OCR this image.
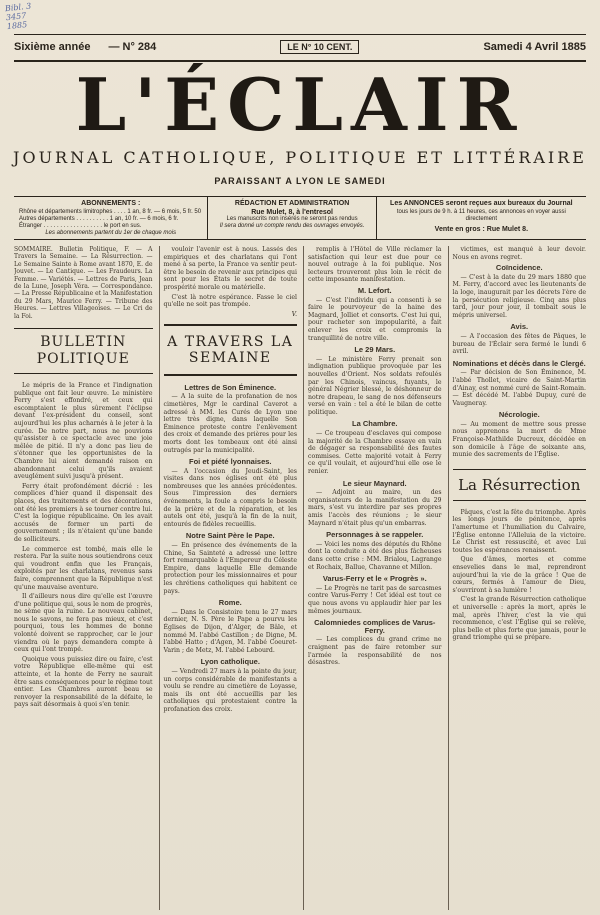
Bibl. 3
3457
1885
Sixième année — N° 284	LE N° 10 CENT.	Samedi 4 Avril 1885
L'ÉCLAIR
JOURNAL CATHOLIQUE, POLITIQUE ET LITTÉRAIRE
PARAISSANT A LYON LE SAMEDI
ABONNEMENTS :
Rhône et départements limitrophes . . . . 1 an, 8 fr. — 6 mois, 5 fr. 50
Autres départements . . . . . . . . . . 1 an, 10 fr. — 6 mois, 6 fr.
Étranger . . . . . . . . . . . . . . . . . . le port en sus.
Les abonnements partent du 1er de chaque mois
RÉDACTION ET ADMINISTRATION
Rue Mulet, 8, à l'entresol
Les manuscrits non insérés ne seront pas rendus
Il sera donné un compte rendu des ouvrages envoyés.
Les ANNONCES seront reçues aux bureaux du Journal
tous les jours de 9 h. à 11 heures, ces annonces en voyer aussi directement
Vente en gros : Rue Mulet 8.
SOMMAIRE. Bulletin Politique, F. — A Travers la Semaine. — La Résurrection. — Le Semaine Sainte à Rome avant 1870, E. de Jouvet. — Le Cantique. — Les Fraudeurs. La Femme. — Variétés. — Lettres de Paris, Jean de la Lune, Joseph Véra. — Correspondance. — La Presse Républicaine et la Manifestation du 29 Mars, Maurice Ferry. — Tribune des Heures. — Lettres Villageoises. — Le Cri de la Foi.
BULLETIN POLITIQUE

Le mépris de la France et l'indignation publique ont fait leur œuvre. Le ministère Ferry s'est effondré, et ceux qui escomptaient le plus sûrement l'éclipse devant l'ex-président du conseil, sont aujourd'hui les plus acharnés à le jeter à la curée. De notre part, nous ne pouvions qu'assister à ce spectacle avec une joie mêlée de pitié. Il n'y a donc pas lieu de s'étonner que les opportunistes de la Chambre lui aient demandé raison en abandonnant celui qu'ils avaient aveuglément suivi jusqu'à présent.

Ferry était profondément décrié : les complices d'hier quand il dispensait des places, des traitements et des décorations, ont été les premiers à se tourner contre lui. C'est la logique républicaine. On les avait accusés de former un parti de gouvernement ; ils n'étaient qu'une bande de solliciteurs.

Le commerce est tombé, mais elle le restera. Par la suite nous soutiendrons ceux qui voudront enfin que les Français, exploités par les charlatans, revenus sans faire, comprennent que la République n'est qu'une mauvaise aventure.

Il d'ailleurs nous dire qu'elle est l'œuvre d'une politique qui, sous le nom de progrès, ne sème que la ruine. Le nouveau cabinet, nous le savons, ne fera pas mieux, et c'est pourquoi, tous les hommes de bonne volonté doivent se rapprocher, car le jour viendra où le pays demandera compte à ceux qui l'ont trompé.

Quoique vous puissiez dire ou faire, c'est votre République elle-même qui est atteinte, et la honte de Ferry ne saurait être sans conséquences pour le régime tout entier. Les Chambres auront beau se renvoyer la responsabilité de la défaite, le pays sait désormais à quoi s'en tenir.

vouloir l'avenir est à nous. Lassés des empiriques et des charlatans qui l'ont mené à sa perte, la France va sentir peut-être le besoin de revenir aux principes qui sont pour les États le secret de toute prospérité morale ou matérielle.

C'est là notre espérance. Fasse le ciel qu'elle ne soit pas trompée.

V.
A TRAVERS LA SEMAINE
Lettres de Son Éminence.

— A la suite de la profanation de nos cimetières, Mgr le cardinal Caverot a adressé à MM. les Curés de Lyon une lettre très digne, dans laquelle Son Éminence proteste contre l'enlèvement des croix et demande des prières pour les morts dont les tombeaux ont été ainsi outragés par la municipalité.

Foi et piété lyonnaises.

— A l'occasion du Jeudi-Saint, les visites dans nos églises ont été plus nombreuses que les années précédentes. Sous l'impression des derniers événements, la foule a compris le besoin de la prière et de la réparation, et les autels ont été, jusqu'à la fin de la nuit, entourés de fidèles recueillis.

Notre Saint Père le Pape.

— En présence des événements de la Chine, Sa Sainteté a adressé une lettre fort remarquable à l'Empereur du Céleste Empire, dans laquelle Elle demande protection pour les missionnaires et pour les chrétiens catholiques qui habitent ce pays.

Rome.

— Dans le Consistoire tenu le 27 mars dernier, N. S. Père le Pape a pourvu les Églises de Dijon, d'Alger, de Bâle, et nommé M. l'abbé Castillon ; de Digne, M. l'abbé Hatto ; d'Agen, M. l'abbé Coeuret-Varin ; de Metz, M. l'abbé Lebourd.

Lyon catholique.

— Vendredi 27 mars à la pointe du jour, un corps considérable de manifestants a voulu se rendre au cimetière de Loyasse, mais ils ont été accueillis par les catholiques qui protestaient contre la profanation des croix.

remplis à l'Hôtel de Ville réclamer la satisfaction qui leur est due pour ce nouvel outrage à la foi publique. Nos lecteurs trouveront plus loin le récit de cette imposante manifestation.

M. Lefort.

— C'est l'individu qui a consenti à se faire le pourvoyeur de la haine des Magnard, Jolliet et consorts. C'est lui qui, pour racheter son impopularité, a fait enlever les croix et compromis la tranquillité de notre ville.

Le 29 Mars.

— Le ministère Ferry prenait son indignation publique provoquée par les nouvelles d'Orient. Nos soldats refoulés par les Chinois, vaincus, fuyants, le général Négrier blessé, le déshonneur de notre drapeau, le sang de nos défenseurs versé en vain : tel a été le bilan de cette politique.

La Chambre.

— Ce troupeau d'esclaves qui compose la majorité de la Chambre essaye en vain de dégager sa responsabilité des fautes commises. Cette majorité votait à Ferry ce qu'il voulait, et aujourd'hui elle ose le renier.

Le sieur Maynard.

— Adjoint au maire, un des organisateurs de la manifestation du 29 mars, s'est vu interdire par ses propres amis l'accès des réunions ; le sieur Maynard n'était plus qu'un embarras.

Personnages à se rappeler.

— Voici les noms des députés du Rhône dont la conduite a été des plus fâcheuses dans cette crise : MM. Brialou, Lagrange et Rochaix, Ballue, Chavanne et Millon.

Varus-Ferry et le « Progrès ».

— Le Progrès ne tarit pas de sarcasmes contre Varus-Ferry ! Cet idéal est tout ce que nous avons vu applaudir hier par les mêmes journaux.

Calomniedes complices de Varus-Ferry.

— Les complices du grand crime ne craignent pas de faire retomber sur l'armée la responsabilité de nos désastres.

victimes, est manqué à leur devoir. Nous en avons regret.

Coïncidence.

— C'est à la date du 29 mars 1880 que M. Ferry, d'accord avec les lieutenants de la loge, inaugurait par les décrets l'ère de la persécution religieuse. Cinq ans plus tard, jour pour jour, il tombait sous le mépris universel.

Avis.

— A l'occasion des fêtes de Pâques, le bureau de l'Éclair sera fermé le lundi 6 avril.

Nominations et décès dans le Clergé.

— Par décision de Son Éminence, M. l'abbé Thollet, vicaire de Saint-Martin d'Ainay, est nommé curé de Saint-Romain. — Est décédé M. l'abbé Dupuy, curé de Vaugneray.

Nécrologie.

— Au moment de mettre sous presse nous apprenons la mort de Mme Françoise-Mathilde Ducreux, décédée en son domicile à l'âge de soixante ans, munie des sacrements de l'Église.

La Résurrection

Pâques, c'est la fête du triomphe. Après les longs jours de pénitence, après l'amertume et l'humiliation du Calvaire, l'Église entonne l'Alleluia de la victoire. Le Christ est ressuscité, et avec Lui toutes les espérances renaissent.

Que d'âmes, mortes et comme ensevelies dans le mal, reprendront aujourd'hui la vie de la grâce ! Que de cœurs, fermés à l'amour de Dieu, s'ouvriront à sa lumière !

C'est la grande Résurrection catholique et universelle : après la mort, après le mal, après l'hiver, c'est la vie qui recommence, c'est l'Église qui se relève, plus belle et plus forte que jamais, pour le grand triomphe qui se prépare.
